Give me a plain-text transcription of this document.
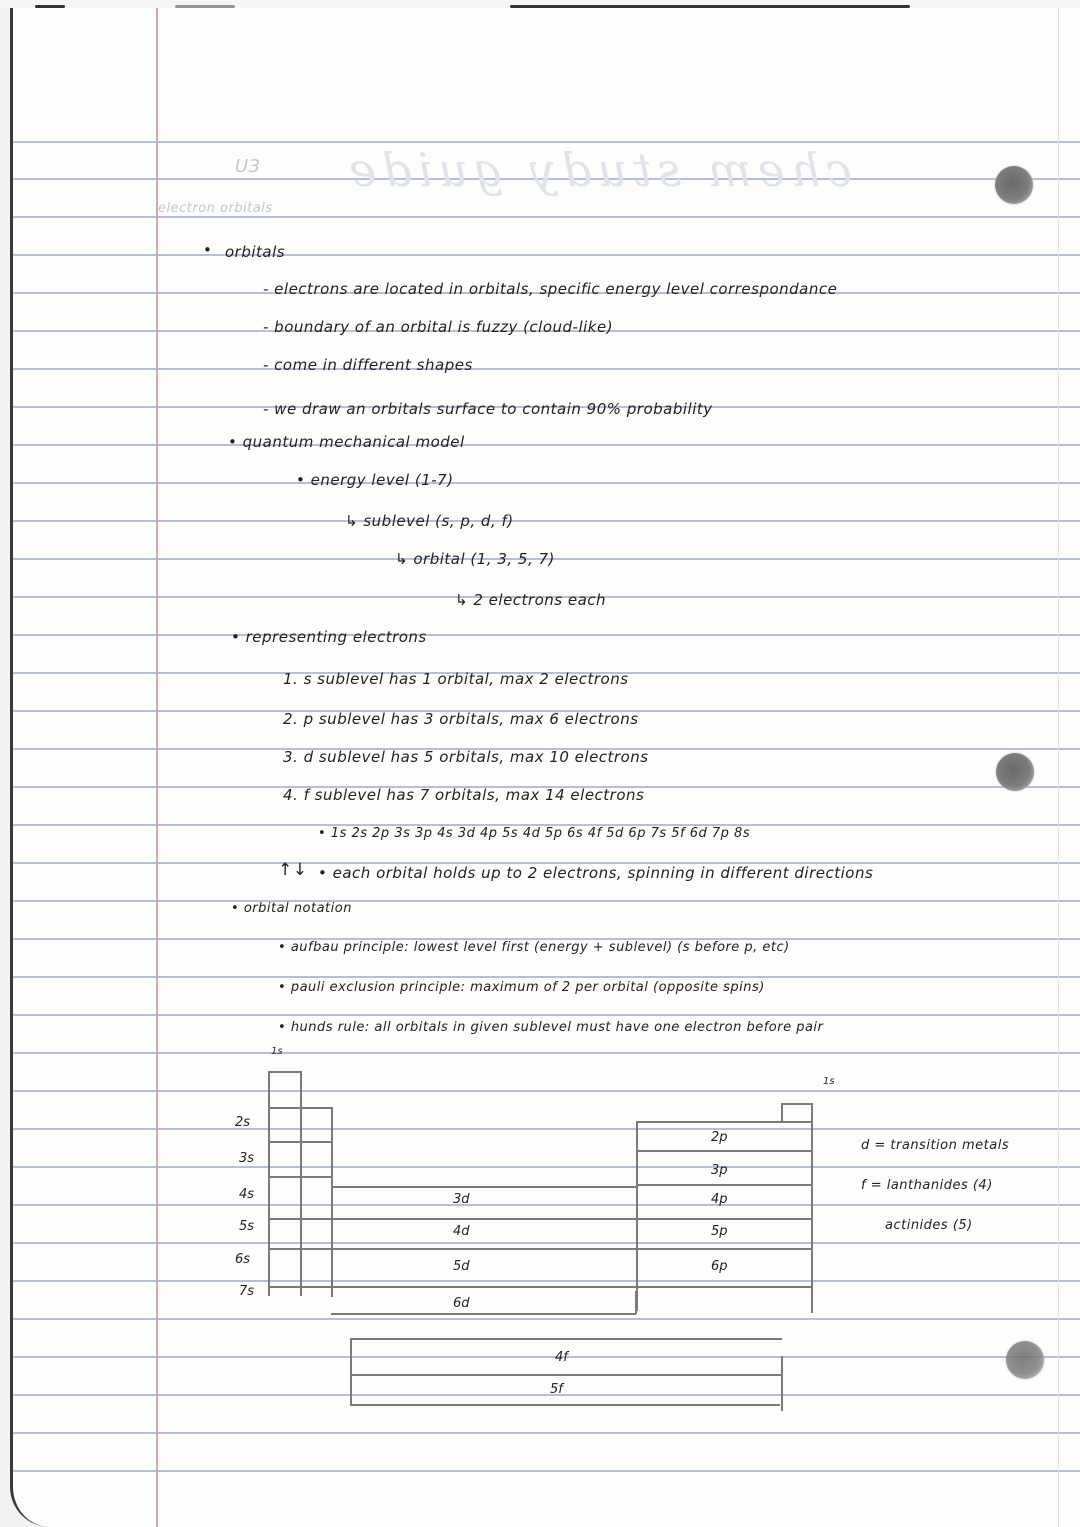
chem study guide
U3
electron orbitals
• orbitals
- electrons are located in orbitals, specific energy level correspondance
- boundary of an orbital is fuzzy (cloud-like)
- come in different shapes
- we draw an orbitals surface to contain 90% probability
• quantum mechanical model
• energy level (1-7)
↳ sublevel (s, p, d, f)
↳ orbital (1, 3, 5, 7)
↳ 2 electrons each
• representing electrons
1. s sublevel has 1 orbital, max 2 electrons
2. p sublevel has 3 orbitals, max 6 electrons
3. d sublevel has 5 orbitals, max 10 electrons
4. f sublevel has 7 orbitals, max 14 electrons
• 1s 2s 2p 3s 3p 4s 3d 4p 5s 4d 5p 6s 4f 5d 6p 7s 5f 6d 7p 8s
↑↓ • each orbital holds up to 2 electrons, spinning in different directions
• orbital notation
• aufbau principle: lowest level first (energy + sublevel) (s before p, etc)
• pauli exclusion principle: maximum of 2 per orbital (opposite spins)
• hunds rule: all orbitals in given sublevel must have one electron before pair
1s
2s
3s
4s
5s
6s
7s
3d
4d
5d
6d
2p
3p
4p
5p
6p
1s
4f
5f
d = transition metals
f = lanthanides (4)
actinides (5)
